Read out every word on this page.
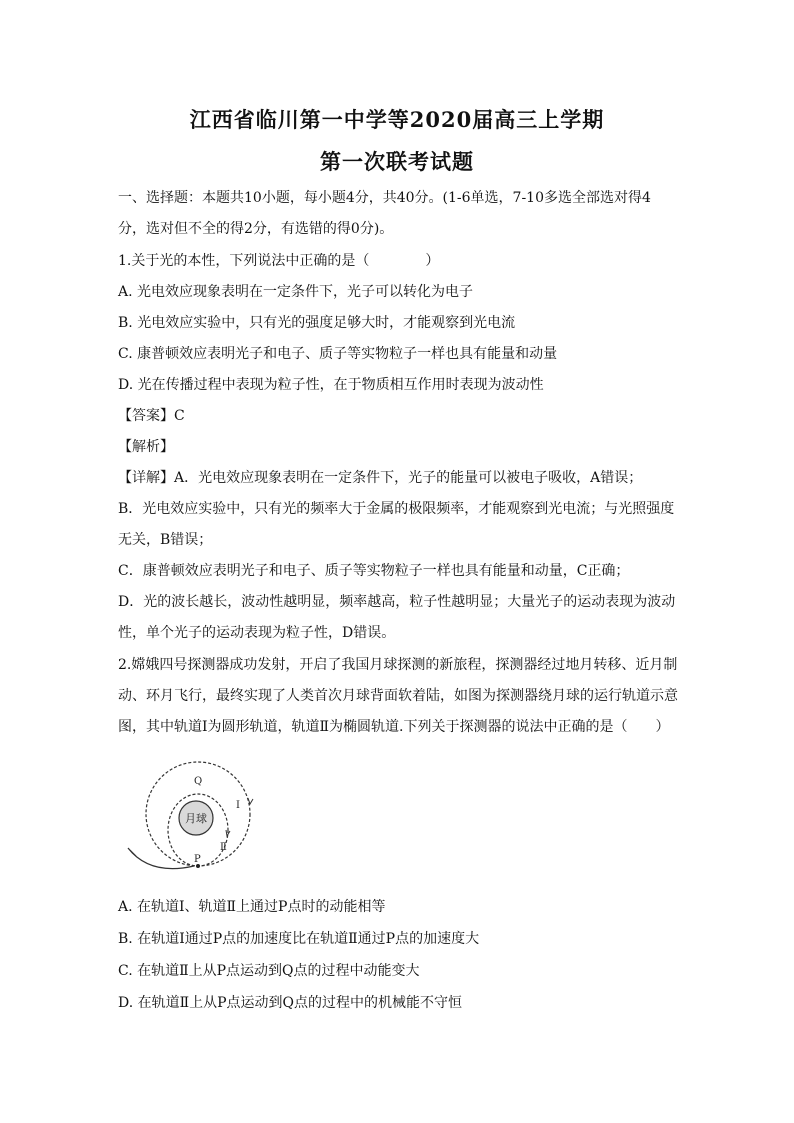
江西省临川第一中学等2020届高三上学期
第一次联考试题
一、选择题：本题共10小题，每小题4分，共40分。(1-6单选，7-10多选全部选对得4
分，选对但不全的得2分，有选错的得0分)。
1.关于光的本性，下列说法中正确的是（　　　　）
A. 光电效应现象表明在一定条件下，光子可以转化为电子
B. 光电效应实验中，只有光的强度足够大时，才能观察到光电流
C. 康普顿效应表明光子和电子、质子等实物粒子一样也具有能量和动量
D. 光在传播过程中表现为粒子性，在于物质相互作用时表现为波动性
【答案】C
【解析】
【详解】A．光电效应现象表明在一定条件下，光子的能量可以被电子吸收，A错误；
B．光电效应实验中，只有光的频率大于金属的极限频率，才能观察到光电流；与光照强度
无关，B错误；
C．康普顿效应表明光子和电子、质子等实物粒子一样也具有能量和动量，C正确；
D．光的波长越长，波动性越明显，频率越高，粒子性越明显；大量光子的运动表现为波动
性，单个光子的运动表现为粒子性，D错误。
2.嫦娥四号探测器成功发射，开启了我国月球探测的新旅程，探测器经过地月转移、近月制
动、环月飞行，最终实现了人类首次月球背面软着陆，如图为探测器绕月球的运行轨道示意
图，其中轨道Ⅰ为圆形轨道，轨道Ⅱ为椭圆轨道.下列关于探测器的说法中正确的是（　　）
月球
Q
P
Ⅰ
Ⅱ
A. 在轨道Ⅰ、轨道Ⅱ上通过P点时的动能相等
B. 在轨道Ⅰ通过P点的加速度比在轨道Ⅱ通过P点的加速度大
C. 在轨道Ⅱ上从P点运动到Q点的过程中动能变大
D. 在轨道Ⅱ上从P点运动到Q点的过程中的机械能不守恒
